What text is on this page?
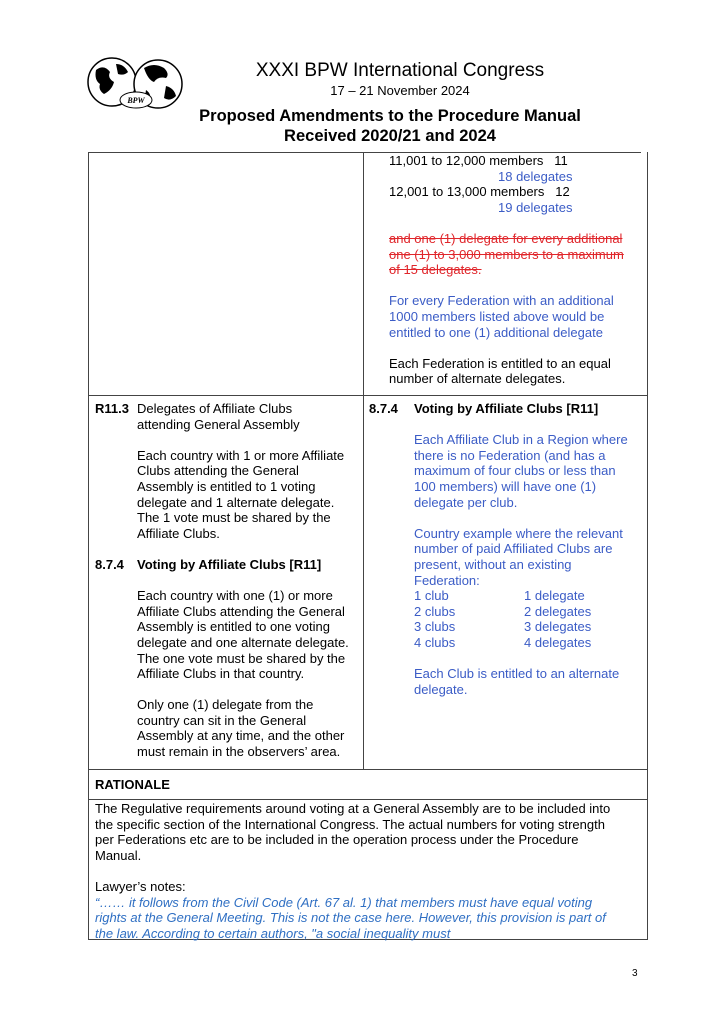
BPW
XXXI BPW International Congress
17 – 21 November 2024
Proposed Amendments to the Procedure Manual
Received 2020/21 and 2024
11,001 to 12,000 members 11
18 delegates
12,001 to 13,000 members 12
19 delegates
and one (1) delegate for every additional
one (1) to 3,000 members to a maximum
of 15 delegates.
For every Federation with an additional
1000 members listed above would be
entitled to one (1) additional delegate
Each Federation is entitled to an equal
number of alternate delegates.
R11.3 Delegates of Affiliate Clubs
attending General Assembly
Each country with 1 or more Affiliate
Clubs attending the General
Assembly is entitled to 1 voting
delegate and 1 alternate delegate.
The 1 vote must be shared by the
Affiliate Clubs.
8.7.4	Voting by Affiliate Clubs [R11]
Each country with one (1) or more
Affiliate Clubs attending the General
Assembly is entitled to one voting
delegate and one alternate delegate.
The one vote must be shared by the
Affiliate Clubs in that country.
Only one (1) delegate from the
country can sit in the General
Assembly at any time, and the other
must remain in the observers’ area.
8.7.4	Voting by Affiliate Clubs [R11]
Each Affiliate Club in a Region where
there is no Federation (and has a
maximum of four clubs or less than
100 members) will have one (1)
delegate per club.
Country example where the relevant
number of paid Affiliated Clubs are
present, without an existing
Federation:
1 club	1 delegate
2 clubs	2 delegates
3 clubs	3 delegates
4 clubs	4 delegates
Each Club is entitled to an alternate
delegate.
RATIONALE
The Regulative requirements around voting at a General Assembly are to be included into
the specific section of the International Congress. The actual numbers for voting strength
per Federations etc are to be included in the operation process under the Procedure
Manual.
Lawyer’s notes:
“…… it follows from the Civil Code (Art. 67 al. 1) that members must have equal voting
rights at the General Meeting. This is not the case here. However, this provision is part of
the law. According to certain authors, "a social inequality must
3
